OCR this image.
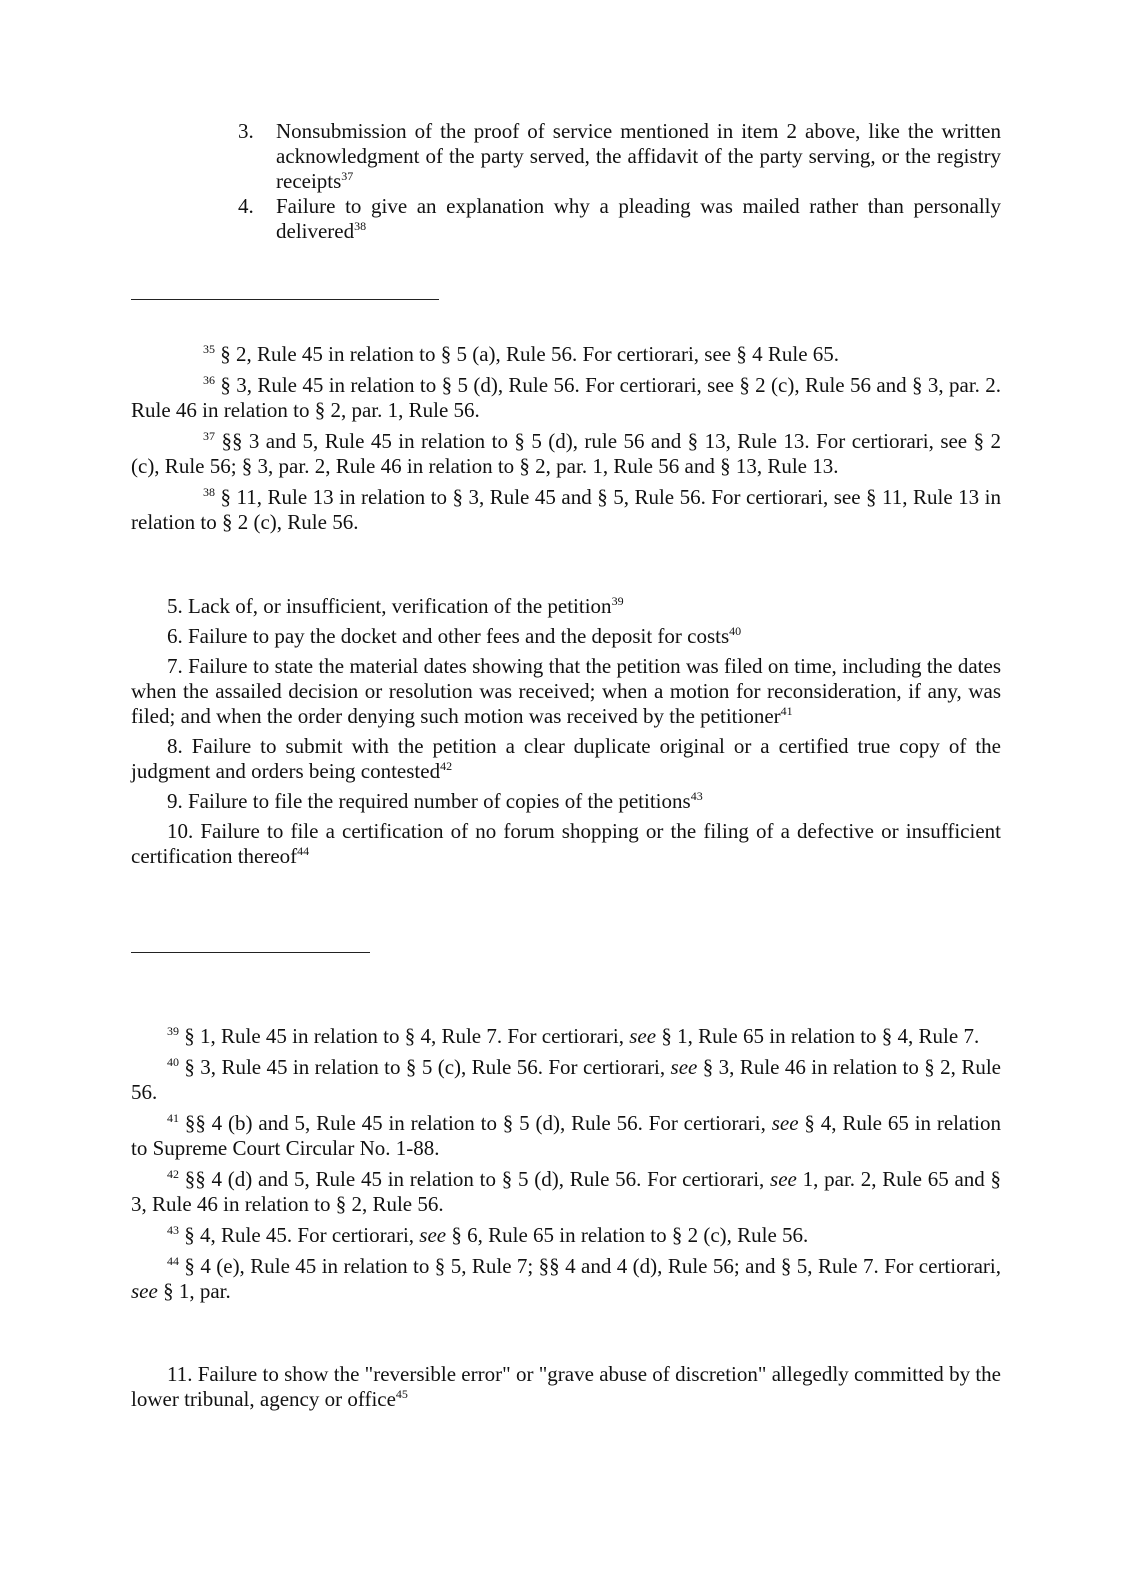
3.	Nonsubmission of the proof of service mentioned in item 2 above, like the written acknowledgment of the party served, the affidavit of the party serving, or the registry receipts$^{37}$
4.	Failure to give an explanation why a pleading was mailed rather than personally delivered$^{38}$

$^{35}$ § 2, Rule 45 in relation to § 5 (a), Rule 56. For certiorari, see § 4 Rule 65.

$^{36}$ § 3, Rule 45 in relation to § 5 (d), Rule 56. For certiorari, see § 2 (c), Rule 56 and § 3, par. 2. Rule 46 in relation to § 2, par. 1, Rule 56.

$^{37}$ §§ 3 and 5, Rule 45 in relation to § 5 (d), rule 56 and § 13, Rule 13. For certiorari, see § 2 (c), Rule 56; § 3, par. 2, Rule 46 in relation to § 2, par. 1, Rule 56 and § 13, Rule 13.

$^{38}$ § 11, Rule 13 in relation to § 3, Rule 45 and § 5, Rule 56. For certiorari, see § 11, Rule 13 in relation to § 2 (c), Rule 56.

5. Lack of, or insufficient, verification of the petition$^{39}$

6. Failure to pay the docket and other fees and the deposit for costs$^{40}$

7. Failure to state the material dates showing that the petition was filed on time, including the dates when the assailed decision or resolution was received; when a motion for reconsideration, if any, was filed; and when the order denying such motion was received by the petitioner$^{41}$

8. Failure to submit with the petition a clear duplicate original or a certified true copy of the judgment and orders being contested$^{42}$

9. Failure to file the required number of copies of the petitions$^{43}$

10. Failure to file a certification of no forum shopping or the filing of a defective or insufficient certification thereof$^{44}$

$^{39}$ § 1, Rule 45 in relation to § 4, Rule 7. For certiorari, see § 1, Rule 65 in relation to § 4, Rule 7.

$^{40}$ § 3, Rule 45 in relation to § 5 (c), Rule 56. For certiorari, see § 3, Rule 46 in relation to § 2, Rule 56.

$^{41}$ §§ 4 (b) and 5, Rule 45 in relation to § 5 (d), Rule 56. For certiorari, see § 4, Rule 65 in relation to Supreme Court Circular No. 1-88.

$^{42}$ §§ 4 (d) and 5, Rule 45 in relation to § 5 (d), Rule 56. For certiorari, see 1, par. 2, Rule 65 and § 3, Rule 46 in relation to § 2, Rule 56.

$^{43}$ § 4, Rule 45. For certiorari, see § 6, Rule 65 in relation to § 2 (c), Rule 56.

$^{44}$ § 4 (e), Rule 45 in relation to § 5, Rule 7; §§ 4 and 4 (d), Rule 56; and § 5, Rule 7. For certiorari, see § 1, par.

11. Failure to show the "reversible error" or "grave abuse of discretion" allegedly committed by the lower tribunal, agency or office$^{45}$
